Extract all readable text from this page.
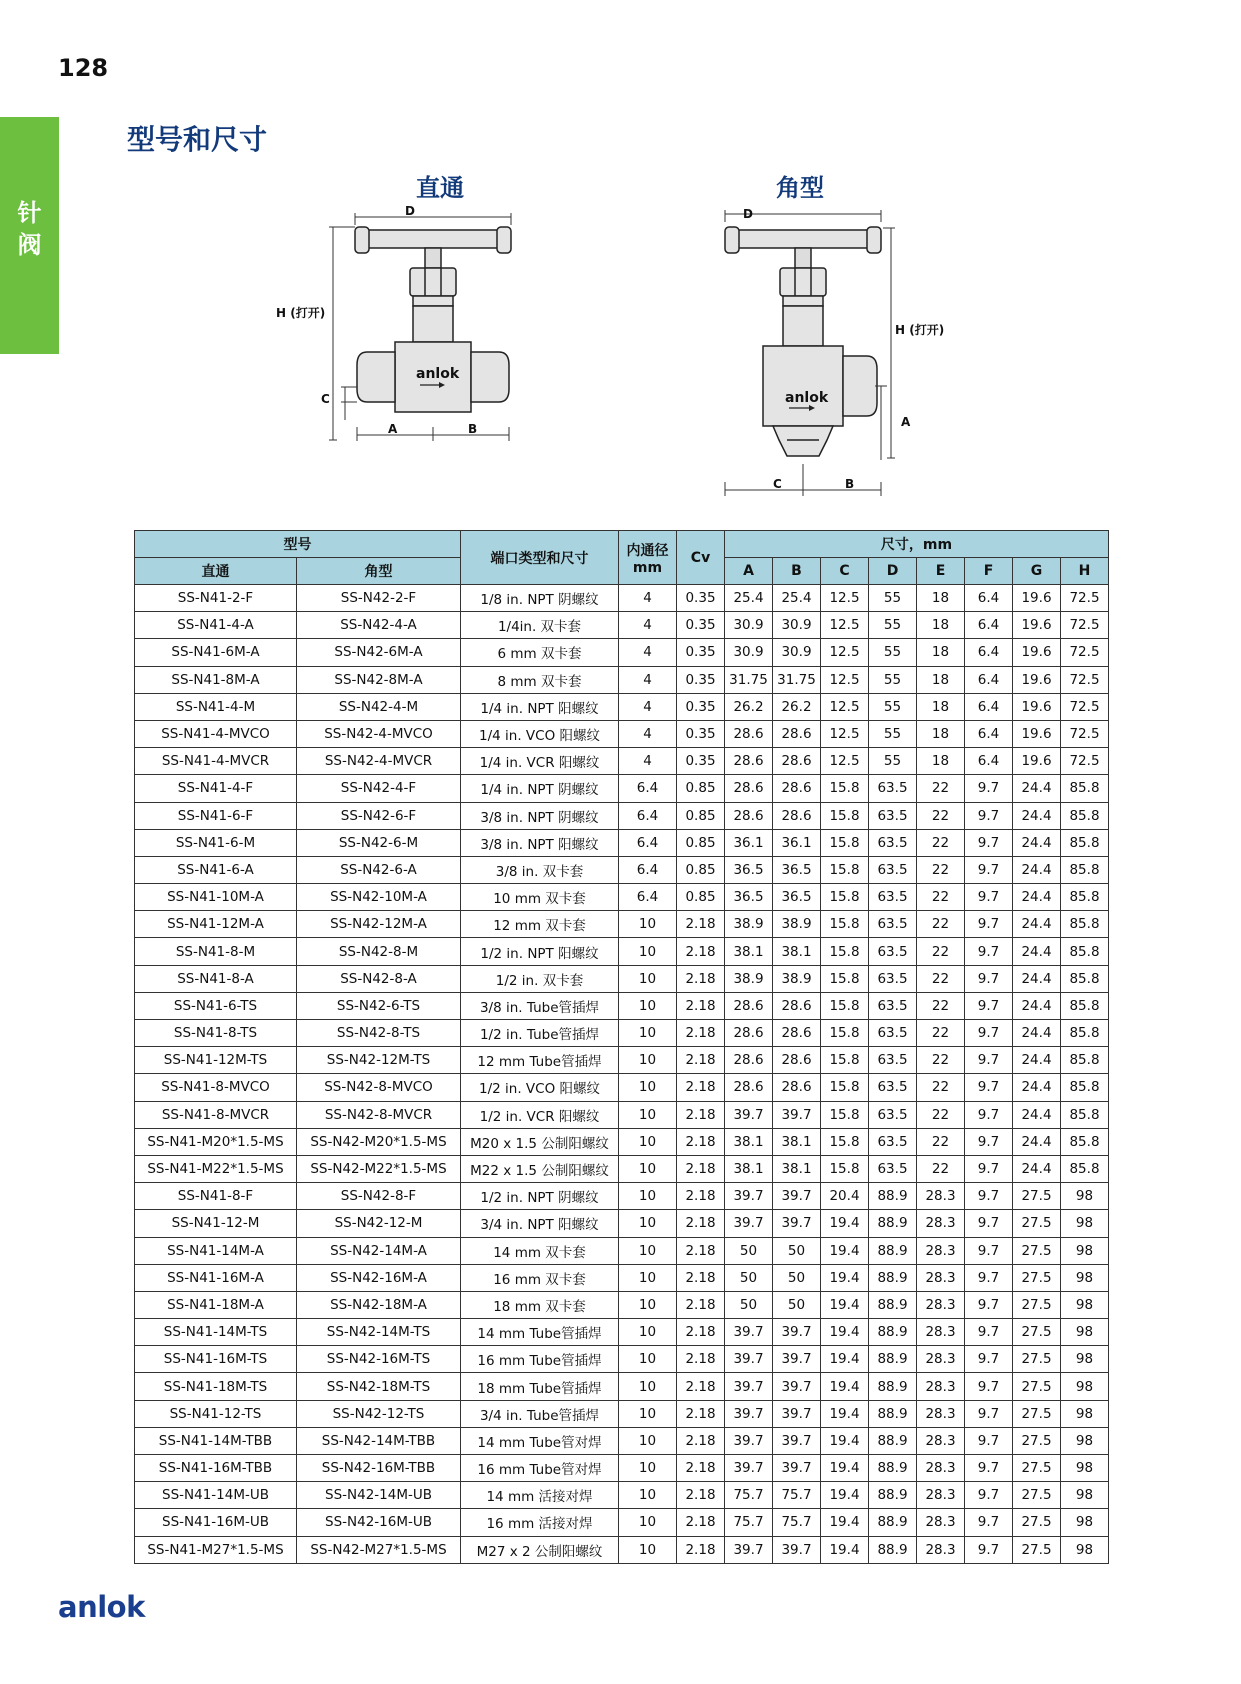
128
针
阀
型号和尺寸
直通	角型
anlok
D
H (打开)
C
A	B
anlok
D
H (打开)
A
C	B
型号		端口类型和尺寸	内通径
mm	Cv	尺寸，mm							
直通	角型				A	B	C	D	E	F	G	H
SS-N41-2-F	SS-N42-2-F	1/8 in. NPT 阴螺纹	4	0.35	25.4	25.4	12.5	55	18	6.4	19.6	72.5
SS-N41-4-A	SS-N42-4-A	1/4in. 双卡套	4	0.35	30.9	30.9	12.5	55	18	6.4	19.6	72.5
SS-N41-6M-A	SS-N42-6M-A	6 mm 双卡套	4	0.35	30.9	30.9	12.5	55	18	6.4	19.6	72.5
SS-N41-8M-A	SS-N42-8M-A	8 mm 双卡套	4	0.35	31.75	31.75	12.5	55	18	6.4	19.6	72.5
SS-N41-4-M	SS-N42-4-M	1/4 in. NPT 阳螺纹	4	0.35	26.2	26.2	12.5	55	18	6.4	19.6	72.5
SS-N41-4-MVCO	SS-N42-4-MVCO	1/4 in. VCO 阳螺纹	4	0.35	28.6	28.6	12.5	55	18	6.4	19.6	72.5
SS-N41-4-MVCR	SS-N42-4-MVCR	1/4 in. VCR 阳螺纹	4	0.35	28.6	28.6	12.5	55	18	6.4	19.6	72.5
SS-N41-4-F	SS-N42-4-F	1/4 in. NPT 阴螺纹	6.4	0.85	28.6	28.6	15.8	63.5	22	9.7	24.4	85.8
SS-N41-6-F	SS-N42-6-F	3/8 in. NPT 阴螺纹	6.4	0.85	28.6	28.6	15.8	63.5	22	9.7	24.4	85.8
SS-N41-6-M	SS-N42-6-M	3/8 in. NPT 阳螺纹	6.4	0.85	36.1	36.1	15.8	63.5	22	9.7	24.4	85.8
SS-N41-6-A	SS-N42-6-A	3/8 in. 双卡套	6.4	0.85	36.5	36.5	15.8	63.5	22	9.7	24.4	85.8
SS-N41-10M-A	SS-N42-10M-A	10 mm 双卡套	6.4	0.85	36.5	36.5	15.8	63.5	22	9.7	24.4	85.8
SS-N41-12M-A	SS-N42-12M-A	12 mm 双卡套	10	2.18	38.9	38.9	15.8	63.5	22	9.7	24.4	85.8
SS-N41-8-M	SS-N42-8-M	1/2 in. NPT 阳螺纹	10	2.18	38.1	38.1	15.8	63.5	22	9.7	24.4	85.8
SS-N41-8-A	SS-N42-8-A	1/2 in. 双卡套	10	2.18	38.9	38.9	15.8	63.5	22	9.7	24.4	85.8
SS-N41-6-TS	SS-N42-6-TS	3/8 in. Tube管插焊	10	2.18	28.6	28.6	15.8	63.5	22	9.7	24.4	85.8
SS-N41-8-TS	SS-N42-8-TS	1/2 in. Tube管插焊	10	2.18	28.6	28.6	15.8	63.5	22	9.7	24.4	85.8
SS-N41-12M-TS	SS-N42-12M-TS	12 mm Tube管插焊	10	2.18	28.6	28.6	15.8	63.5	22	9.7	24.4	85.8
SS-N41-8-MVCO	SS-N42-8-MVCO	1/2 in. VCO 阳螺纹	10	2.18	28.6	28.6	15.8	63.5	22	9.7	24.4	85.8
SS-N41-8-MVCR	SS-N42-8-MVCR	1/2 in. VCR 阳螺纹	10	2.18	39.7	39.7	15.8	63.5	22	9.7	24.4	85.8
SS-N41-M20*1.5-MS	SS-N42-M20*1.5-MS	M20 x 1.5 公制阳螺纹	10	2.18	38.1	38.1	15.8	63.5	22	9.7	24.4	85.8
SS-N41-M22*1.5-MS	SS-N42-M22*1.5-MS	M22 x 1.5 公制阳螺纹	10	2.18	38.1	38.1	15.8	63.5	22	9.7	24.4	85.8
SS-N41-8-F	SS-N42-8-F	1/2 in. NPT 阴螺纹	10	2.18	39.7	39.7	20.4	88.9	28.3	9.7	27.5	98
SS-N41-12-M	SS-N42-12-M	3/4 in. NPT 阳螺纹	10	2.18	39.7	39.7	19.4	88.9	28.3	9.7	27.5	98
SS-N41-14M-A	SS-N42-14M-A	14 mm 双卡套	10	2.18	50	50	19.4	88.9	28.3	9.7	27.5	98
SS-N41-16M-A	SS-N42-16M-A	16 mm 双卡套	10	2.18	50	50	19.4	88.9	28.3	9.7	27.5	98
SS-N41-18M-A	SS-N42-18M-A	18 mm 双卡套	10	2.18	50	50	19.4	88.9	28.3	9.7	27.5	98
SS-N41-14M-TS	SS-N42-14M-TS	14 mm Tube管插焊	10	2.18	39.7	39.7	19.4	88.9	28.3	9.7	27.5	98
SS-N41-16M-TS	SS-N42-16M-TS	16 mm Tube管插焊	10	2.18	39.7	39.7	19.4	88.9	28.3	9.7	27.5	98
SS-N41-18M-TS	SS-N42-18M-TS	18 mm Tube管插焊	10	2.18	39.7	39.7	19.4	88.9	28.3	9.7	27.5	98
SS-N41-12-TS	SS-N42-12-TS	3/4 in. Tube管插焊	10	2.18	39.7	39.7	19.4	88.9	28.3	9.7	27.5	98
SS-N41-14M-TBB	SS-N42-14M-TBB	14 mm Tube管对焊	10	2.18	39.7	39.7	19.4	88.9	28.3	9.7	27.5	98
SS-N41-16M-TBB	SS-N42-16M-TBB	16 mm Tube管对焊	10	2.18	39.7	39.7	19.4	88.9	28.3	9.7	27.5	98
SS-N41-14M-UB	SS-N42-14M-UB	14 mm 活接对焊	10	2.18	75.7	75.7	19.4	88.9	28.3	9.7	27.5	98
SS-N41-16M-UB	SS-N42-16M-UB	16 mm 活接对焊	10	2.18	75.7	75.7	19.4	88.9	28.3	9.7	27.5	98
SS-N41-M27*1.5-MS	SS-N42-M27*1.5-MS	M27 x 2 公制阳螺纹	10	2.18	39.7	39.7	19.4	88.9	28.3	9.7	27.5	98
anlok
